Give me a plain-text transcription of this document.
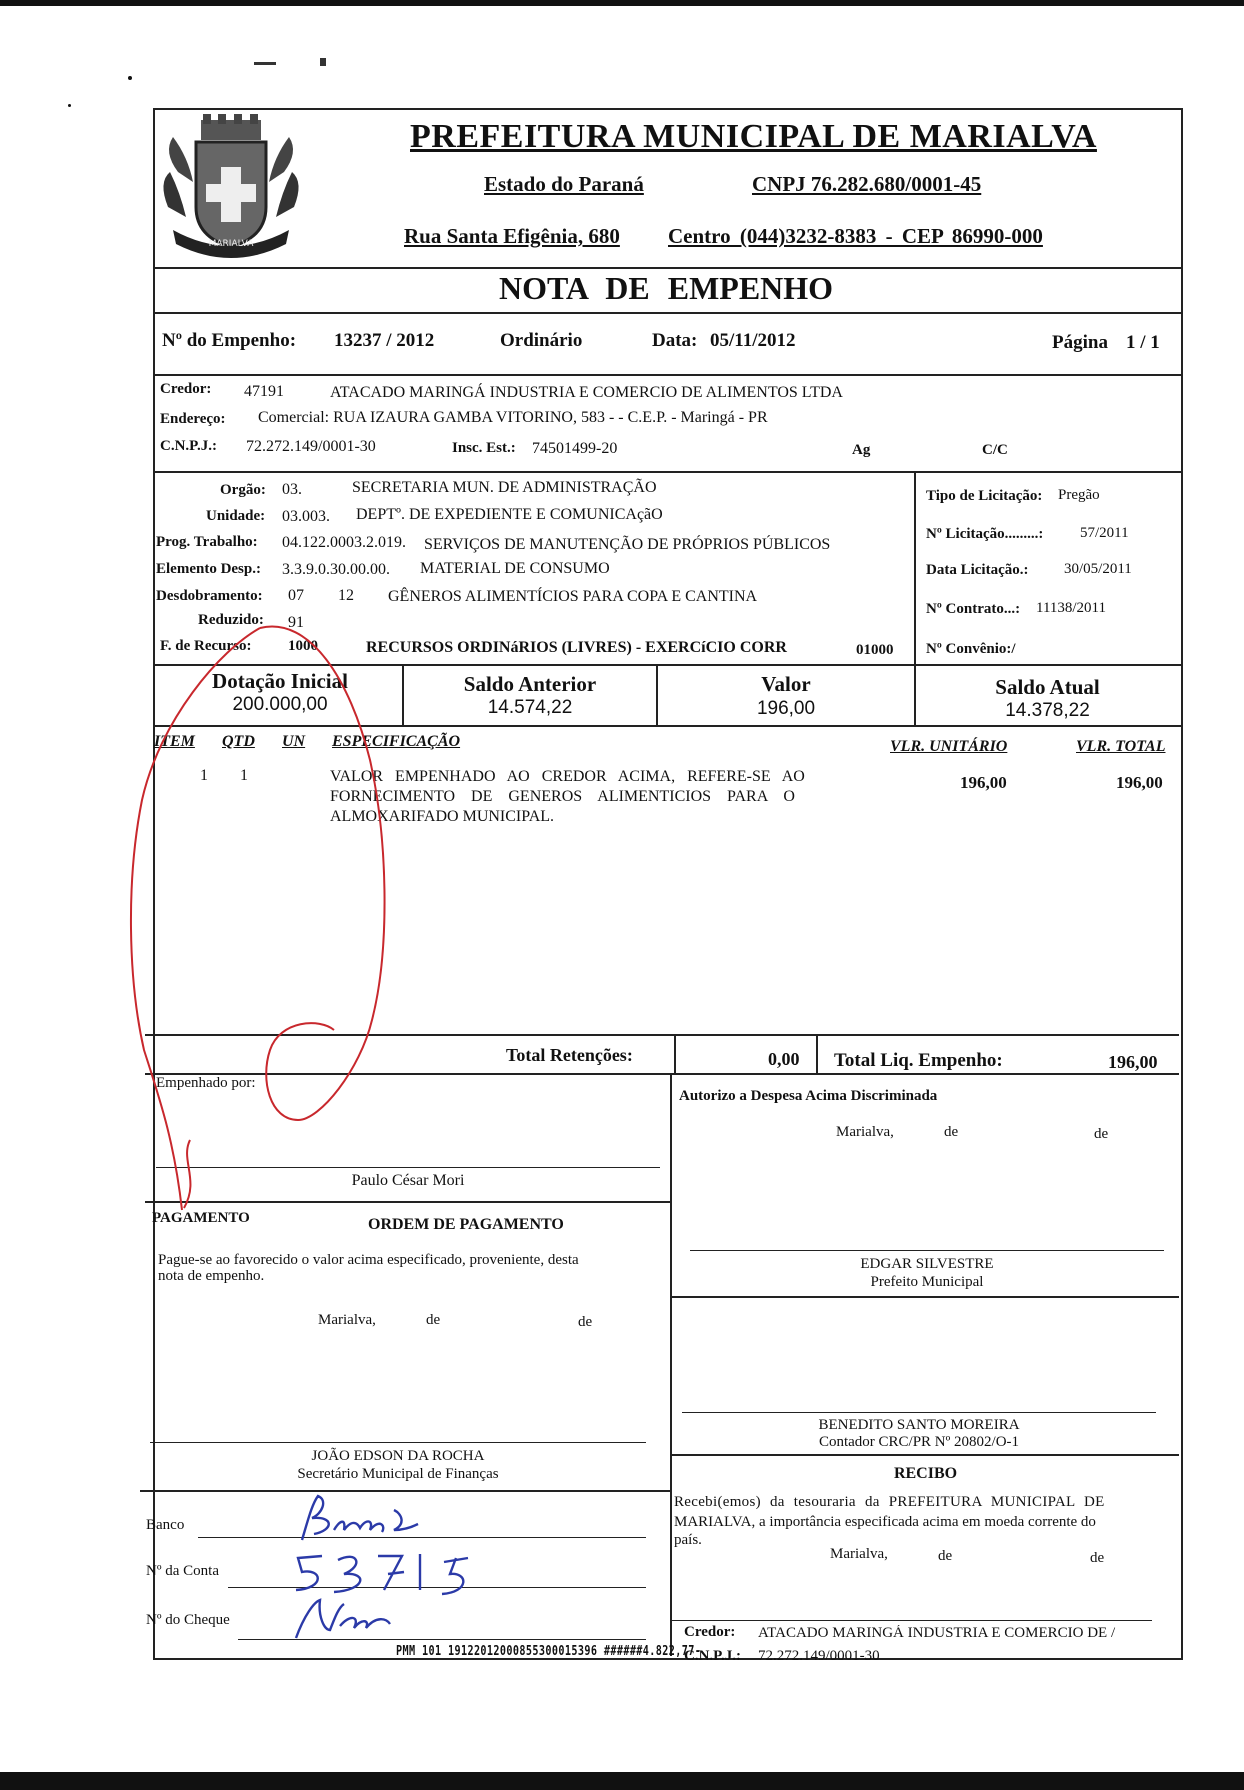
MARIALVA
PREFEITURA MUNICIPAL DE MARIALVA
Estado do Paraná	CNPJ 76.282.680/0001-45
Rua Santa Efigênia, 680 Centro (044)3232-8383 - CEP 86990-000
NOTA DE EMPENHO
Nº do Empenho: 13237 / 2012	Ordinário	Data: 05/11/2012	Página 1 / 1
Credor: 47191	ATACADO MARINGÁ INDUSTRIA E COMERCIO DE ALIMENTOS LTDA
Endereço: Comercial: RUA IZAURA GAMBA VITORINO, 583 - - C.E.P. - Maringá - PR
C.N.P.J.: 72.272.149/0001-30	Insc. Est.: 74501499-20	Ag	C/C
Orgão: 03.	SECRETARIA MUN. DE ADMINISTRAÇÃO
Unidade: 03.003. DEPTº. DE EXPEDIENTE E COMUNICAçãO
Prog. Trabalho: 04.122.0003.2.019. SERVIÇOS DE MANUTENÇÃO DE PRÓPRIOS PÚBLICOS
Elemento Desp.: 3.3.9.0.30.00.00. MATERIAL DE CONSUMO
Desdobramento: 07 12 GÊNEROS ALIMENTÍCIOS PARA COPA E CANTINA
Reduzido: 91
F. de Recurso: 1000	RECURSOS ORDINáRIOS (LIVRES) - EXERCíCIO CORR	01000
Tipo de Licitação: Pregão
Nº Licitação.........: 57/2011
Data Licitação.: 30/05/2011
Nº Contrato...: 11138/2011
Nº Convênio:/
Dotação Inicial
200.000,00
Saldo Anterior
14.574,22
Valor
196,00
Saldo Atual
14.378,22
ITEM QTD UN ESPECIFICAÇÃO	VLR. UNITÁRIO	VLR. TOTAL
1 1	VALOR   EMPENHADO   AO   CREDOR   ACIMA,   REFERE-SE   AO
FORNECIMENTO    DE    GENEROS    ALIMENTICIOS    PARA    O
ALMOXARIFADO MUNICIPAL.
196,00	196,00
Total Retenções:	0,00 Total Liq. Empenho:	196,00
Empenhado por:
Paulo César Mori
Autorizo a Despesa Acima Discriminada
Marialva,	de	de
EDGAR SILVESTRE
Prefeito Municipal
PAGAMENTO	ORDEM DE PAGAMENTO
Pague-se ao favorecido o valor acima especificado, proveniente, desta
nota de empenho.
Marialva,	de	de
JOÃO EDSON DA ROCHA
Secretário Municipal de Finanças
BENEDITO SANTO MOREIRA
Contador CRC/PR Nº 20802/O-1
RECIBO
Recebi(emos) da tesouraria da PREFEITURA MUNICIPAL DE
MARIALVA, a importância especificada acima em moeda corrente do
país.
Marialva,	de	de
Credor: ATACADO MARINGÁ INDUSTRIA E COMERCIO DE /
C.N.P.J.: 72.272.149/0001-30
Banco
Nº da Conta
Nº do Cheque
PMM 101 19122012000855300015396 ######4.822,77-
